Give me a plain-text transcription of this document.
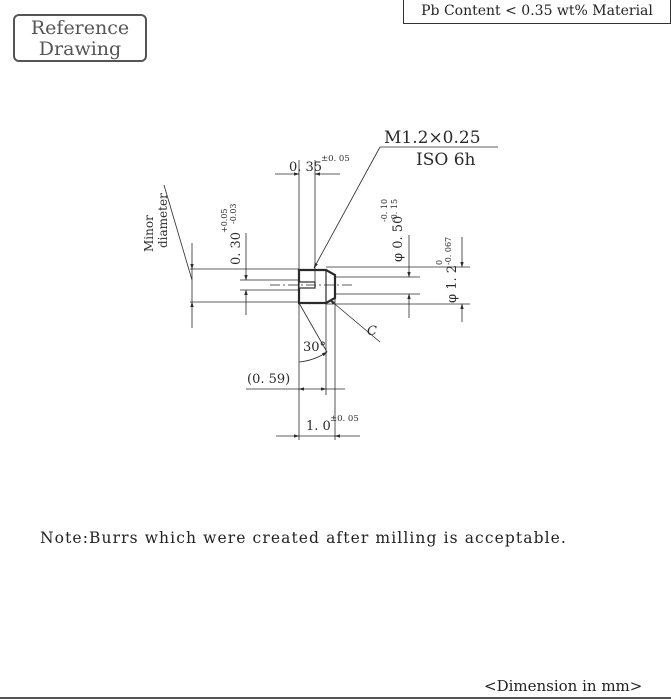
Reference
Drawing
Pb Content < 0.35 wt% Material
M1.2×0.25
ISO 6h
0. 35
±0. 05
Minor diameter
0. 30
+0.05 -0.03
φ 0. 50
-0. 10 -0. 15
φ 1. 2
0 -0. 067
C
30°
(0. 59)
1. 0 ±0. 05
Note:Burrs which were created after milling is acceptable.
<Dimension in mm>
